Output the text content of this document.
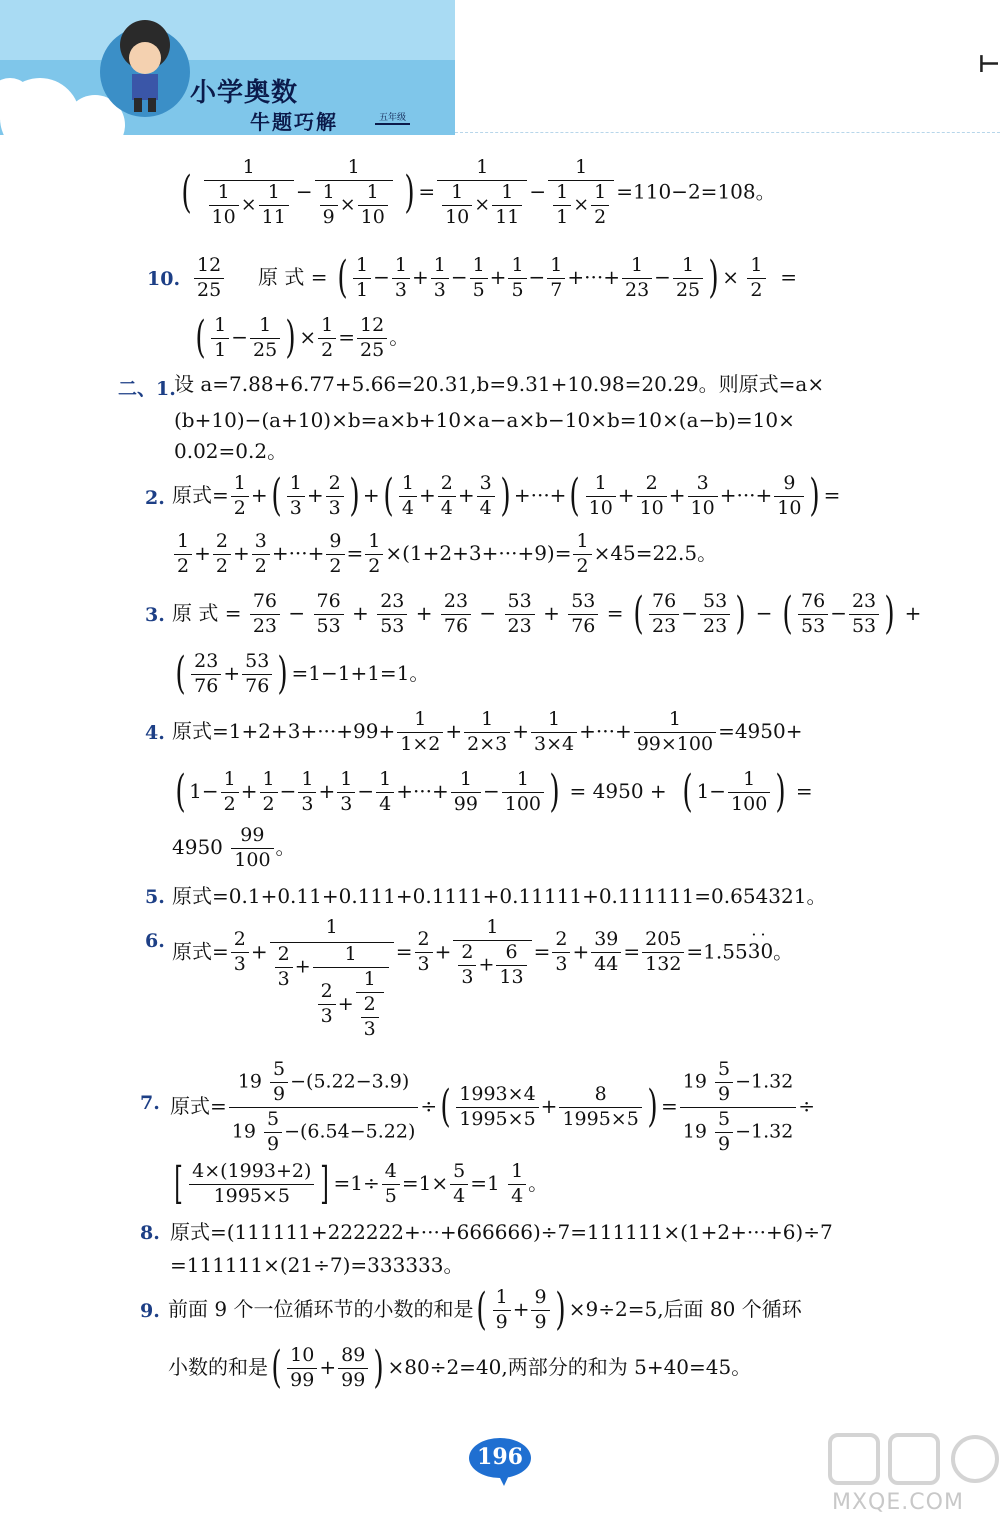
小学奥数
牛题巧解	五年级
⊢
( $\frac{1}{\frac{1}{10} \times \frac{1}{11}} - \frac{1}{\frac{1}{9} \times \frac{1}{10}}$ ) = $\frac{1}{\frac{1}{10} \times \frac{1}{11}} - \frac{1}{\frac{1}{1} \times \frac{1}{2}} =110-2=108$。
10. $\frac{12}{25}$ 原 式 = ( $\frac{1}{1} - \frac{1}{3} + \frac{1}{3} - \frac{1}{5} + \frac{1}{5} - \frac{1}{7}$ +···+ $\frac{1}{23} - \frac{1}{25}$ ) × $\frac{1}{2}$ =
( $\frac{1}{1} - \frac{1}{25}$ ) × $\frac{1}{2} = \frac{12}{25}$ 。
二、1.
设 a=7.88+6.77+5.66=20.31,b=9.31+10.98=20.29。则原式=a×
(b+10)−(a+10)×b=a×b+10×a−a×b−10×b=10×(a−b)=10×
0.02=0.2。
2. 原式= $\frac{1}{2}$ +( $\frac{1}{3} + \frac{2}{3}$ ) +( $\frac{1}{4} + \frac{2}{4} + \frac{3}{4}$ ) +···+( $\frac{1}{10} + \frac{2}{10} + \frac{3}{10}$ +···+ $\frac{9}{10}$ ) =
$\frac{1}{2} + \frac{2}{2} + \frac{3}{2}$ +···+ $\frac{9}{2} = \frac{1}{2} \times(1+2+3+\cdot\cdot\cdot+9)= \frac{1}{2} \times 45=22.5$。
3. 原 式 = $\frac{76}{23} - \frac{76}{53} + \frac{23}{53} + \frac{23}{76} - \frac{53}{23} + \frac{53}{76}$ = ( $\frac{76}{23} - \frac{53}{23}$ ) − ( $\frac{76}{53} - \frac{23}{53}$ ) +
( $\frac{23}{76} + \frac{53}{76}$ ) =1−1+1=1。
4. 原式$=1+2+3+\cdot\cdot\cdot+99+ \frac{1}{1\times 2} + \frac{1}{2\times 3} + \frac{1}{3\times 4}$ +···+ $\frac{1}{99\times 100} =4950+$
( $1- \frac{1}{2} + \frac{1}{2} - \frac{1}{3} + \frac{1}{3} - \frac{1}{4}$ +···+ $\frac{1}{99} - \frac{1}{100}$ ) = 4950 +  ( $1- \frac{1}{100}$ ) =
$4950 \frac{99}{100}$ 。
5. 原式=0.1+0.11+0.111+0.1111+0.11111+0.111111=0.654321。
6. 原式= $\frac{2}{3} + \frac{1}{\frac{2}{3} + \frac{1}{\frac{2}{3} + \frac{1}{\frac{2}{3}}}} = \frac{2}{3} + \frac{1}{\frac{2}{3} + \frac{6}{13}} = \frac{2}{3} + \frac{39}{44} = \frac{205}{132} =1.55$
··
30。
7. 原式= $\frac{19 \frac{5}{9} -(5.22-3.9)}{19 \frac{5}{9} -(6.54-5.22)}$ ÷( $\frac{1993\times 4}{1995\times 5} + \frac{8}{1995\times 5}$ ) = $\frac{19 \frac{5}{9} -1.32}{19 \frac{5}{9} -1.32}$ ÷
[ $\frac{4\times(1993+2)}{1995\times 5}$ ] $=1\div \frac{4}{5} =1\times \frac{5}{4} =1 \frac{1}{4}$ 。
8. 原式=(111111+222222+···+666666)÷7=111111×(1+2+···+6)÷7
=111111×(21÷7)=333333。
9. 前面 9 个一位循环节的小数的和是( $\frac{1}{9} + \frac{9}{9}$ ) ×9÷2=5,后面 80 个循环
小数的和是( $\frac{10}{99} + \frac{89}{99}$ ) ×80÷2=40,两部分的和为 5+40=45。
196
MXQE.COM
